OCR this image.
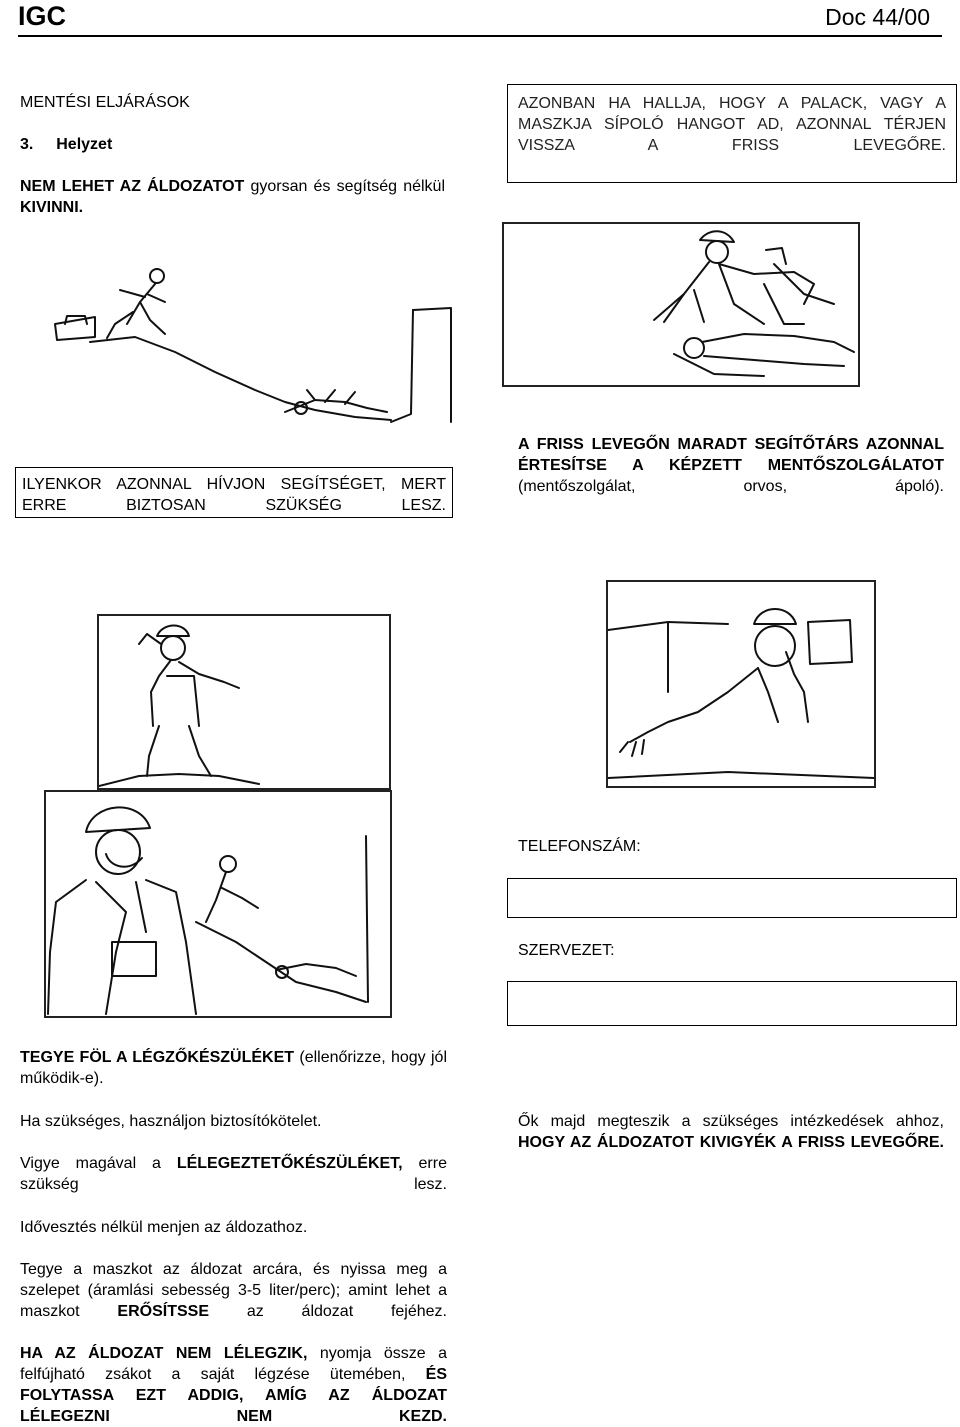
IGC	Doc 44/00
MENTÉSI ELJÁRÁSOK
3. Helyzet
NEM LEHET AZ ÁLDOZATOT gyorsan és segítség nélkül KIVINNI.
AZONBAN HA HALLJA, HOGY A PALACK, VAGY A MASZKJA SÍPOLÓ HANGOT AD, AZONNAL TÉRJEN VISSZA A FRISS LEVEGŐRE.
ILYENKOR AZONNAL HÍVJON SEGÍTSÉGET, MERT ERRE BIZTOSAN SZÜKSÉG LESZ.
A FRISS LEVEGŐN MARADT SEGÍTŐTÁRS AZONNAL ÉRTESÍTSE A KÉPZETT MENTŐSZOLGÁLATOT (mentőszolgálat, orvos, ápoló).
TELEFONSZÁM:
SZERVEZET:
TEGYE FÖL A LÉGZŐKÉSZÜLÉKET (ellenőrizze, hogy jól működik-e).
Ha szükséges, használjon biztosítókötelet.
Vigye magával a LÉLEGEZTETŐKÉSZÜLÉKET, erre szükség lesz.
Idővesztés nélkül menjen az áldozathoz.
Tegye a maszkot az áldozat arcára, és nyissa meg a szelepet (áramlási sebesség 3-5 liter/perc); amint lehet a maszkot ERŐSÍTSSE az áldozat fejéhez.
HA AZ ÁLDOZAT NEM LÉLEGZIK, nyomja össze a felfújható zsákot a saját légzése ütemében, ÉS FOLYTASSA EZT ADDIG, AMÍG AZ ÁLDOZAT LÉLEGEZNI NEM KEZD.
Ők majd megteszik a szükséges intézkedések ahhoz, HOGY AZ ÁLDOZATOT KIVIGYÉK A FRISS LEVEGŐRE.
